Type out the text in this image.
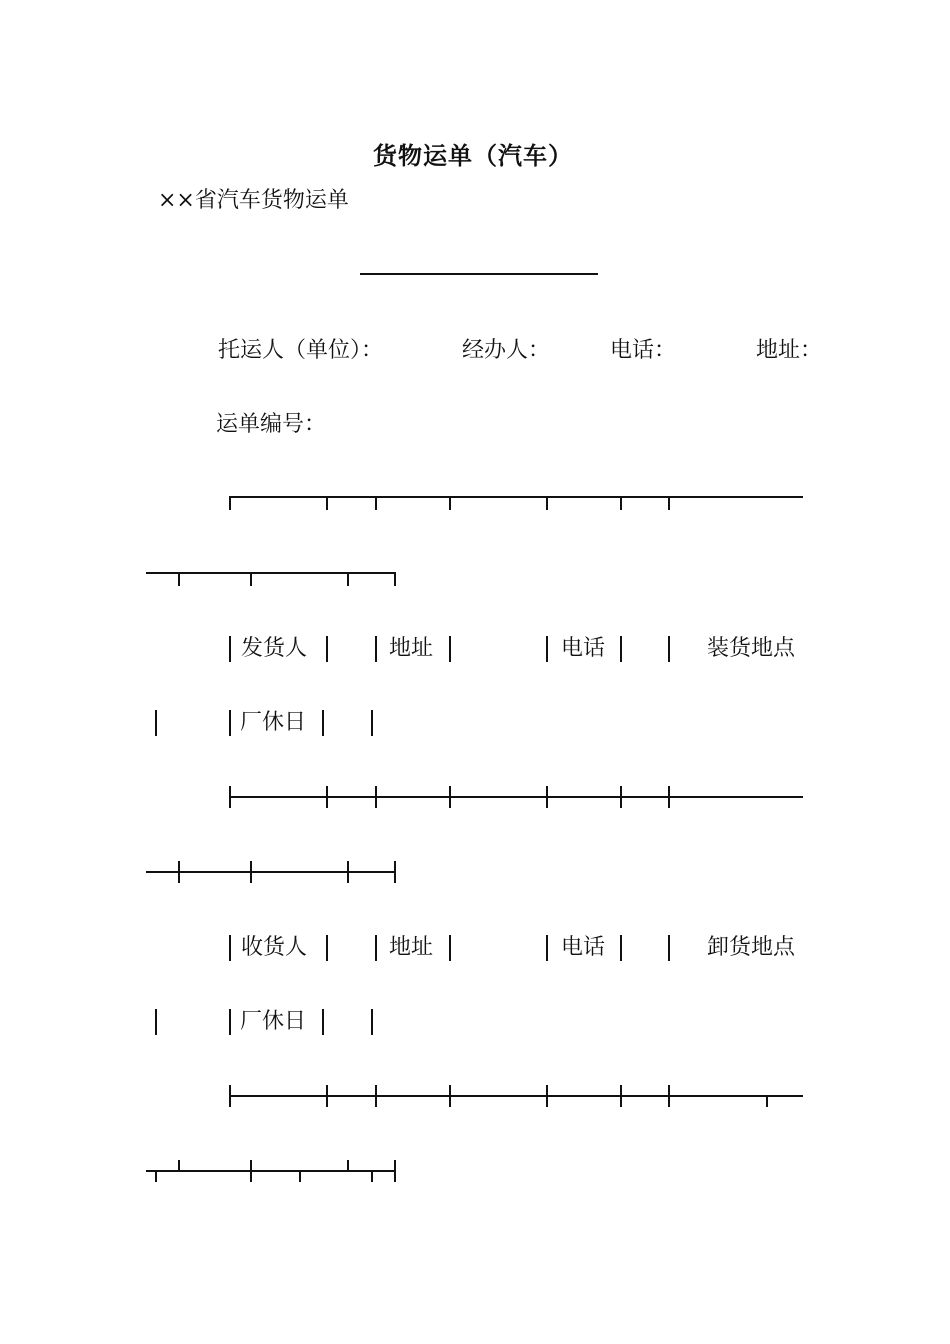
货物运单（汽车）
××省汽车货物运单
托运人（单位）：	经办人：	电话：	地址：
运单编号：
发货人	地址	电话	装货地点
厂休日
收货人	地址	电话	卸货地点
厂休日
